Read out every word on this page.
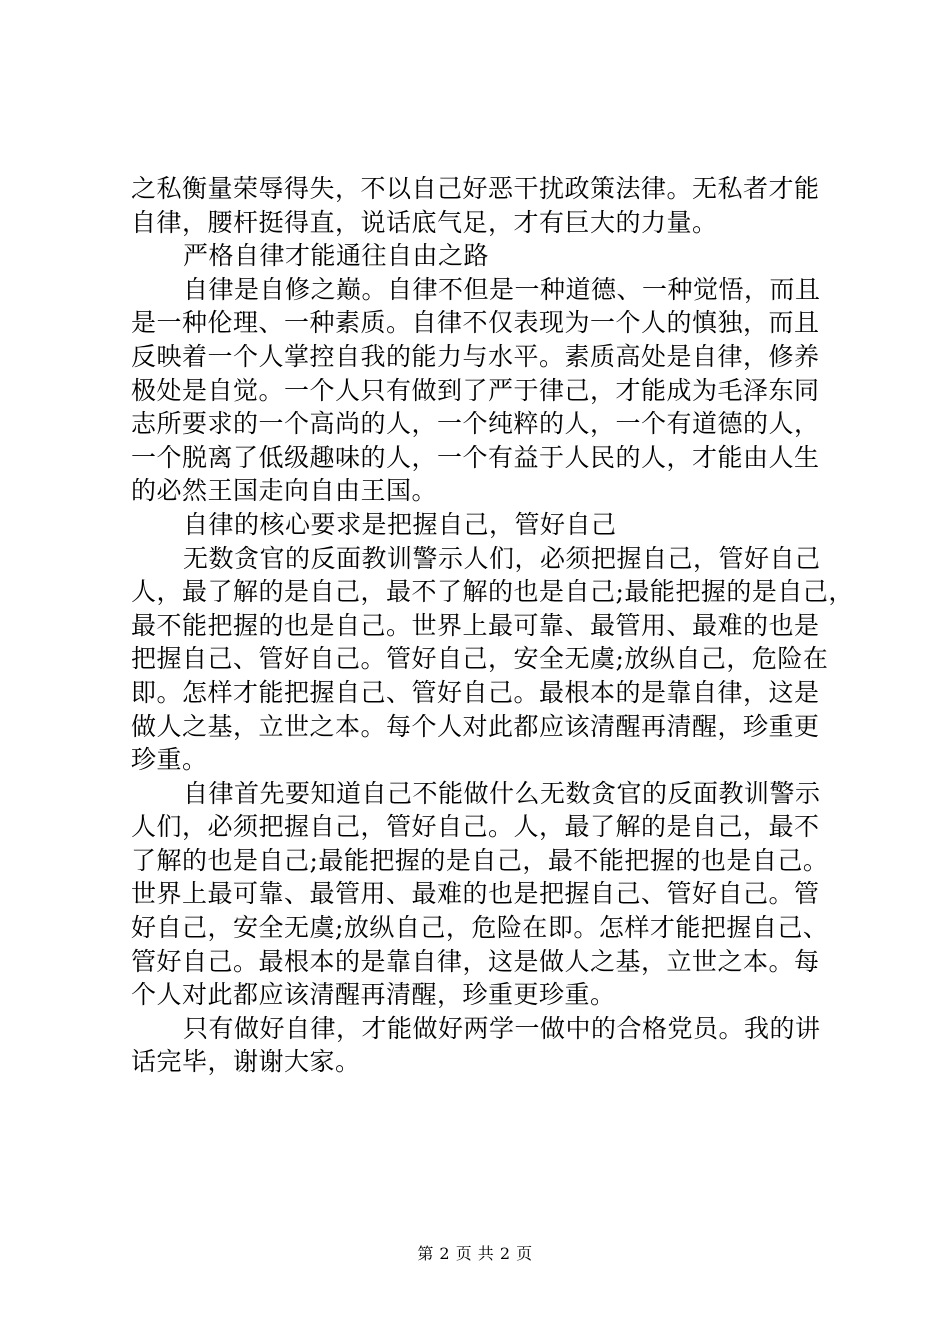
之私衡量荣辱得失，不以自己好恶干扰政策法律。无私者才能
自律，腰杆挺得直，说话底气足，才有巨大的力量。
严格自律才能通往自由之路
自律是自修之巅。自律不但是一种道德、一种觉悟，而且
是一种伦理、一种素质。自律不仅表现为一个人的慎独，而且
反映着一个人掌控自我的能力与水平。素质高处是自律，修养
极处是自觉。一个人只有做到了严于律己，才能成为毛泽东同
志所要求的一个高尚的人，一个纯粹的人，一个有道德的人，
一个脱离了低级趣味的人，一个有益于人民的人，才能由人生
的必然王国走向自由王国。
自律的核心要求是把握自己，管好自己
无数贪官的反面教训警示人们，必须把握自己，管好自己
人，最了解的是自己，最不了解的也是自己;最能把握的是自己，
最不能把握的也是自己。世界上最可靠、最管用、最难的也是
把握自己、管好自己。管好自己，安全无虞;放纵自己，危险在
即。怎样才能把握自己、管好自己。最根本的是靠自律，这是
做人之基，立世之本。每个人对此都应该清醒再清醒，珍重更
珍重。
自律首先要知道自己不能做什么无数贪官的反面教训警示
人们，必须把握自己，管好自己。人，最了解的是自己，最不
了解的也是自己;最能把握的是自己，最不能把握的也是自己。
世界上最可靠、最管用、最难的也是把握自己、管好自己。管
好自己，安全无虞;放纵自己，危险在即。怎样才能把握自己、
管好自己。最根本的是靠自律，这是做人之基，立世之本。每
个人对此都应该清醒再清醒，珍重更珍重。
只有做好自律，才能做好两学一做中的合格党员。我的讲
话完毕，谢谢大家。
第 2 页 共 2 页
